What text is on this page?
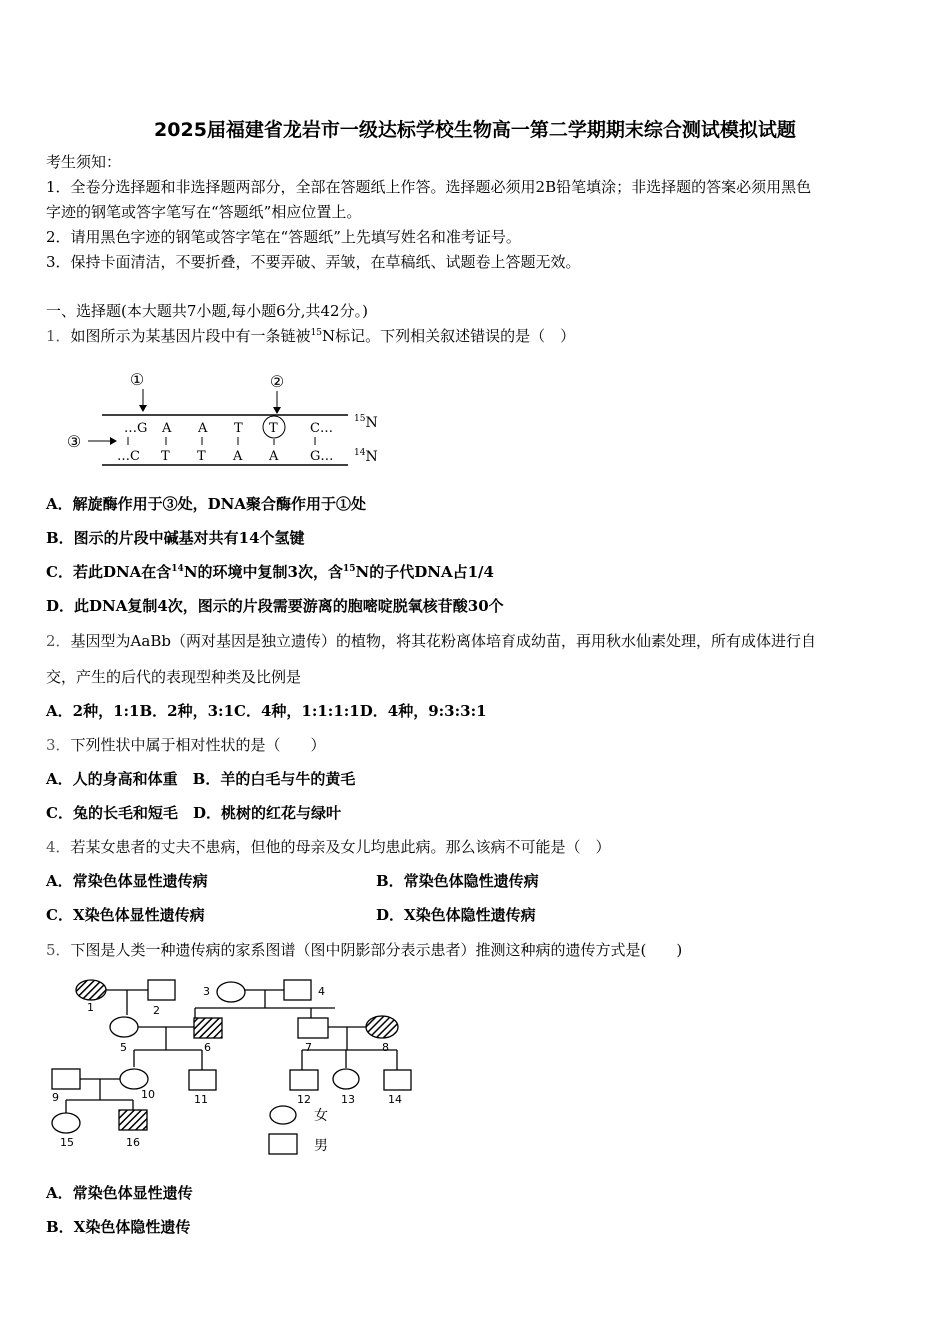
2025届福建省龙岩市一级达标学校生物高一第二学期期末综合测试模拟试题
考生须知：
1．全卷分选择题和非选择题两部分，全部在答题纸上作答。选择题必须用2B铅笔填涂；非选择题的答案必须用黑色
字迹的钢笔或答字笔写在“答题纸”相应位置上。
2．请用黑色字迹的钢笔或答字笔在“答题纸”上先填写姓名和准考证号。
3．保持卡面清洁，不要折叠，不要弄破、弄皱，在草稿纸、试题卷上答题无效。
一、选择题(本大题共7小题,每小题6分,共42分。)
1．如图所示为某基因片段中有一条链被$^{15}$N标记。下列相关叙述错误的是（　）
①	②
③
…G A A T T C…
…C T T A A G…
$^{15}$N
$^{14}$N
A．解旋酶作用于③处，DNA聚合酶作用于①处
B．图示的片段中碱基对共有14个氢键
C．若此DNA在含$^{14}$N的环境中复制3次，含$^{15}$N的子代DNA占1/4
D．此DNA复制4次，图示的片段需要游离的胞嘧啶脱氧核苷酸30个
2．基因型为AaBb（两对基因是独立遗传）的植物，将其花粉离体培育成幼苗，再用秋水仙素处理，所有成体进行自
交，产生的后代的表现型种类及比例是
A．2种，1:1B．2种，3:1C．4种，1:1:1:1D．4种，9:3:3:1
3．下列性状中属于相对性状的是（　　）
A．人的身高和体重　B．羊的白毛与牛的黄毛
C．兔的长毛和短毛　D．桃树的红花与绿叶
4．若某女患者的丈夫不患病，但他的母亲及女儿均患此病。那么该病不可能是（　）
A．常染色体显性遗传病	B．常染色体隐性遗传病
C．X染色体显性遗传病	D．X染色体隐性遗传病
5．下图是人类一种遗传病的家系图谱（图中阴影部分表示患者）推测这种病的遗传方式是(　　)
1	2
3	4
5	6	7	8
9	10	11	12	13	14
15	16
女
男
A．常染色体显性遗传
B．X染色体隐性遗传
